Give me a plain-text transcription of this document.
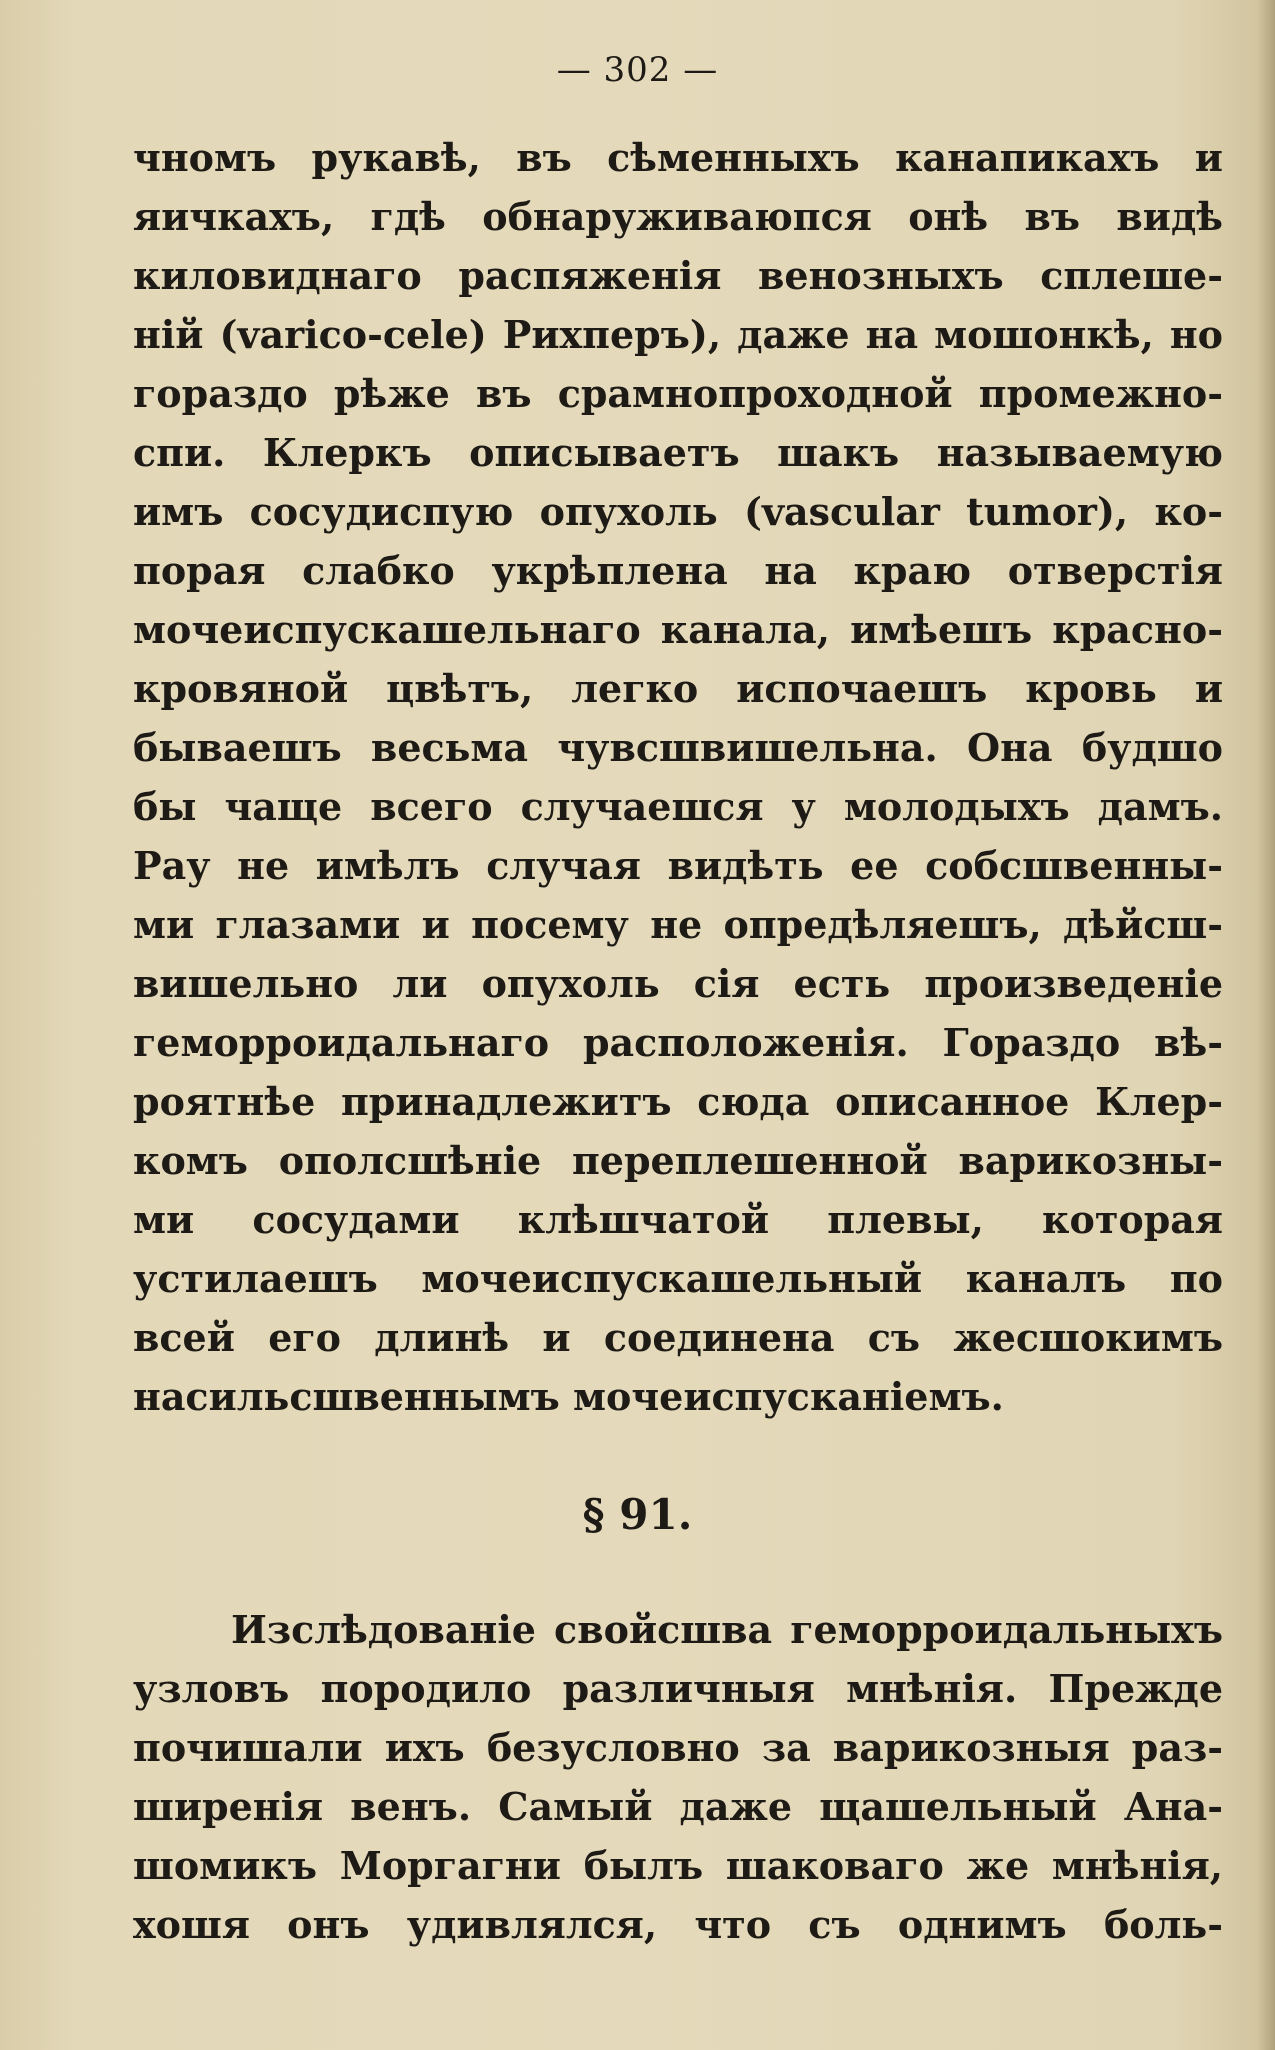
— 302 —
чномъ рукавѣ, въ сѣменныхъ канапикахъ и
яичкахъ, гдѣ обнаруживаюпся онѣ въ видѣ
киловиднаго распяженія венозныхъ сплеше-
ній (varico-cele) Рихперъ), даже на мошонкѣ, но
гораздо рѣже въ срамнопроходной промежно-
спи. Клеркъ описываетъ шакъ называемую
имъ сосудиспую опухоль (vascular tumor), ко-
порая слабко укрѣплена на краю отверстія
мочеиспускашельнаго канала, имѣешъ красно-
кровяной цвѣтъ, легко испочаешъ кровь и
бываешъ весьма чувсшвишельна. Она будшо
бы чаще всего случаешся у молодыхъ дамъ.
Рау не имѣлъ случая видѣть ее собсшвенны-
ми глазами и посему не опредѣляешъ, дѣйсш-
вишельно ли опухоль сія есть произведеніе
геморроидальнаго расположенія. Гораздо вѣ-
роятнѣе принадлежитъ сюда описанное Клер-
комъ ополсшѣніе переплешенной варикозны-
ми сосудами клѣшчатой плевы, которая
устилаешъ мочеиспускашельный каналъ по
всей его длинѣ и соединена съ жесшокимъ
насильсшвеннымъ мочеиспусканіемъ.
§ 91.
Изслѣдованіе свойсшва геморроидальныхъ
узловъ породило различныя мнѣнія. Прежде
почишали ихъ безусловно за варикозныя раз-
ширенія венъ. Самый даже щашельный Ана-
шомикъ Моргагни былъ шаковаго же мнѣнія,
хошя онъ удивлялся, что съ однимъ боль-
